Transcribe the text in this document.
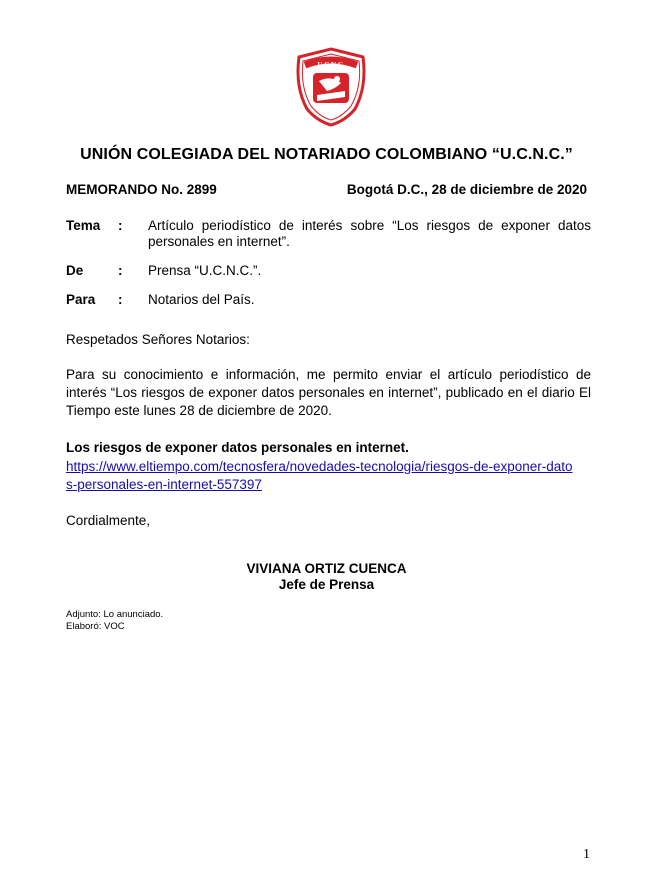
U.C.N.C.
UNIÓN COLEGIADA DEL NOTARIADO COLOMBIANO “U.C.N.C.”
MEMORANDO No. 2899	Bogotá D.C., 28 de diciembre de 2020
Tema : Artículo periodístico de interés sobre “Los riesgos de exponer datos personales en internet”.
De	: Prensa “U.C.N.C.”.
Para : Notarios del País.
Respetados Señores Notarios:
Para su conocimiento e información, me permito enviar el artículo periodístico de interés “Los riesgos de exponer datos personales en internet”, publicado en el diario El Tiempo este lunes 28 de diciembre de 2020.
Los riesgos de exponer datos personales en internet.
https://www.eltiempo.com/tecnosfera/novedades-tecnologia/riesgos-de-exponer-datos-personales-en-internet-557397
Cordialmente,
VIVIANA ORTIZ CUENCA
Jefe de Prensa
Adjunto: Lo anunciado.
Elaboró: VOC
1
